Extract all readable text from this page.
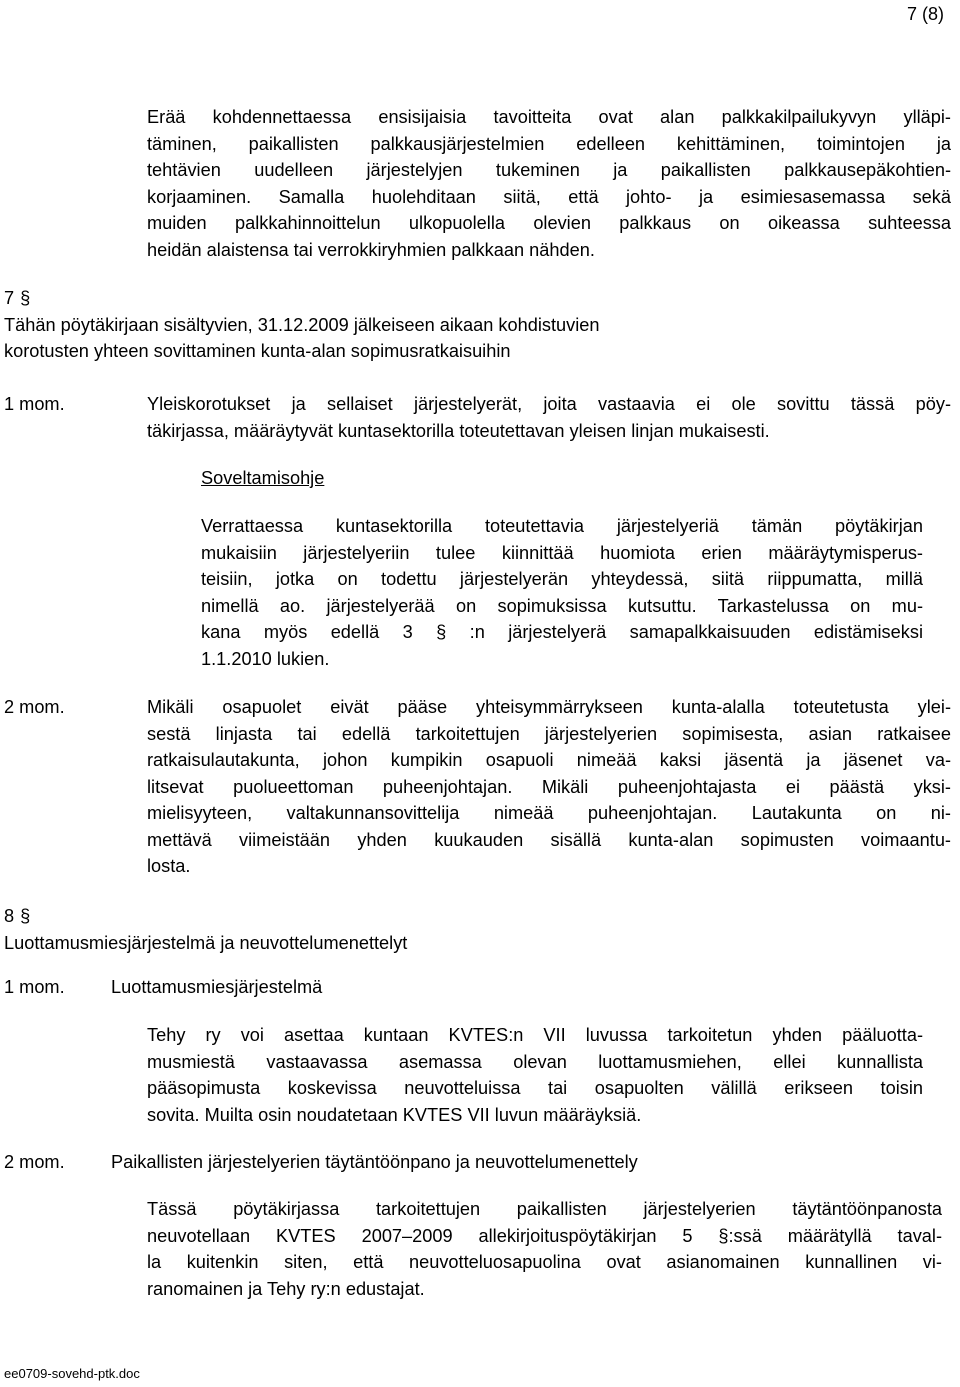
7 (8)
Erää kohdennettaessa ensisijaisia tavoitteita ovat alan palkkakilpailukyvyn ylläpi-
täminen, paikallisten palkkausjärjestelmien edelleen kehittäminen, toimintojen ja
tehtävien uudelleen järjestelyjen tukeminen ja paikallisten palkkausepäkohtien-
korjaaminen. Samalla huolehditaan siitä, että johto- ja esimiesasemassa sekä
muiden palkkahinnoittelun ulkopuolella olevien palkkaus on oikeassa suhteessa
heidän alaistensa tai verrokkiryhmien palkkaan nähden.
7 §
Tähän pöytäkirjaan sisältyvien, 31.12.2009 jälkeiseen aikaan kohdistuvien
korotusten yhteen sovittaminen kunta-alan sopimusratkaisuihin
1 mom.	Yleiskorotukset ja sellaiset järjestelyerät, joita vastaavia ei ole sovittu tässä pöy-
täkirjassa, määräytyvät kuntasektorilla toteutettavan yleisen linjan mukaisesti.
Soveltamisohje
Verrattaessa kuntasektorilla toteutettavia järjestelyeriä tämän pöytäkirjan
mukaisiin järjestelyeriin tulee kiinnittää huomiota erien määräytymisperus-
teisiin, jotka on todettu järjestelyerän yhteydessä, siitä riippumatta, millä
nimellä ao. järjestelyerää on sopimuksissa kutsuttu. Tarkastelussa on mu-
kana myös edellä 3 § :n järjestelyerä samapalkkaisuuden edistämiseksi
1.1.2010 lukien.
2 mom.	Mikäli osapuolet eivät pääse yhteisymmärrykseen kunta-alalla toteutetusta ylei-
sestä linjasta tai edellä tarkoitettujen järjestelyerien sopimisesta, asian ratkaisee
ratkaisulautakunta, johon kumpikin osapuoli nimeää kaksi jäsentä ja jäsenet va-
litsevat puolueettoman puheenjohtajan. Mikäli puheenjohtajasta ei päästä yksi-
mielisyyteen, valtakunnansovittelija nimeää puheenjohtajan. Lautakunta on ni-
mettävä viimeistään yhden kuukauden sisällä kunta-alan sopimusten voimaantu-
losta.
8 §
Luottamusmiesjärjestelmä ja neuvottelumenettelyt
1 mom.	Luottamusmiesjärjestelmä
Tehy ry voi asettaa kuntaan KVTES:n VII luvussa tarkoitetun yhden pääluotta-
musmiestä vastaavassa asemassa olevan luottamusmiehen, ellei kunnallista
pääsopimusta koskevissa neuvotteluissa tai osapuolten välillä erikseen toisin
sovita. Muilta osin noudatetaan KVTES VII luvun määräyksiä.
2 mom.	Paikallisten järjestelyerien täytäntöönpano ja neuvottelumenettely
Tässä pöytäkirjassa tarkoitettujen paikallisten järjestelyerien täytäntöönpanosta
neuvotellaan KVTES 2007–2009 allekirjoituspöytäkirjan 5 §:ssä määrätyllä taval-
la kuitenkin siten, että neuvotteluosapuolina ovat asianomainen kunnallinen vi-
ranomainen ja Tehy ry:n edustajat.
ee0709-sovehd-ptk.doc
